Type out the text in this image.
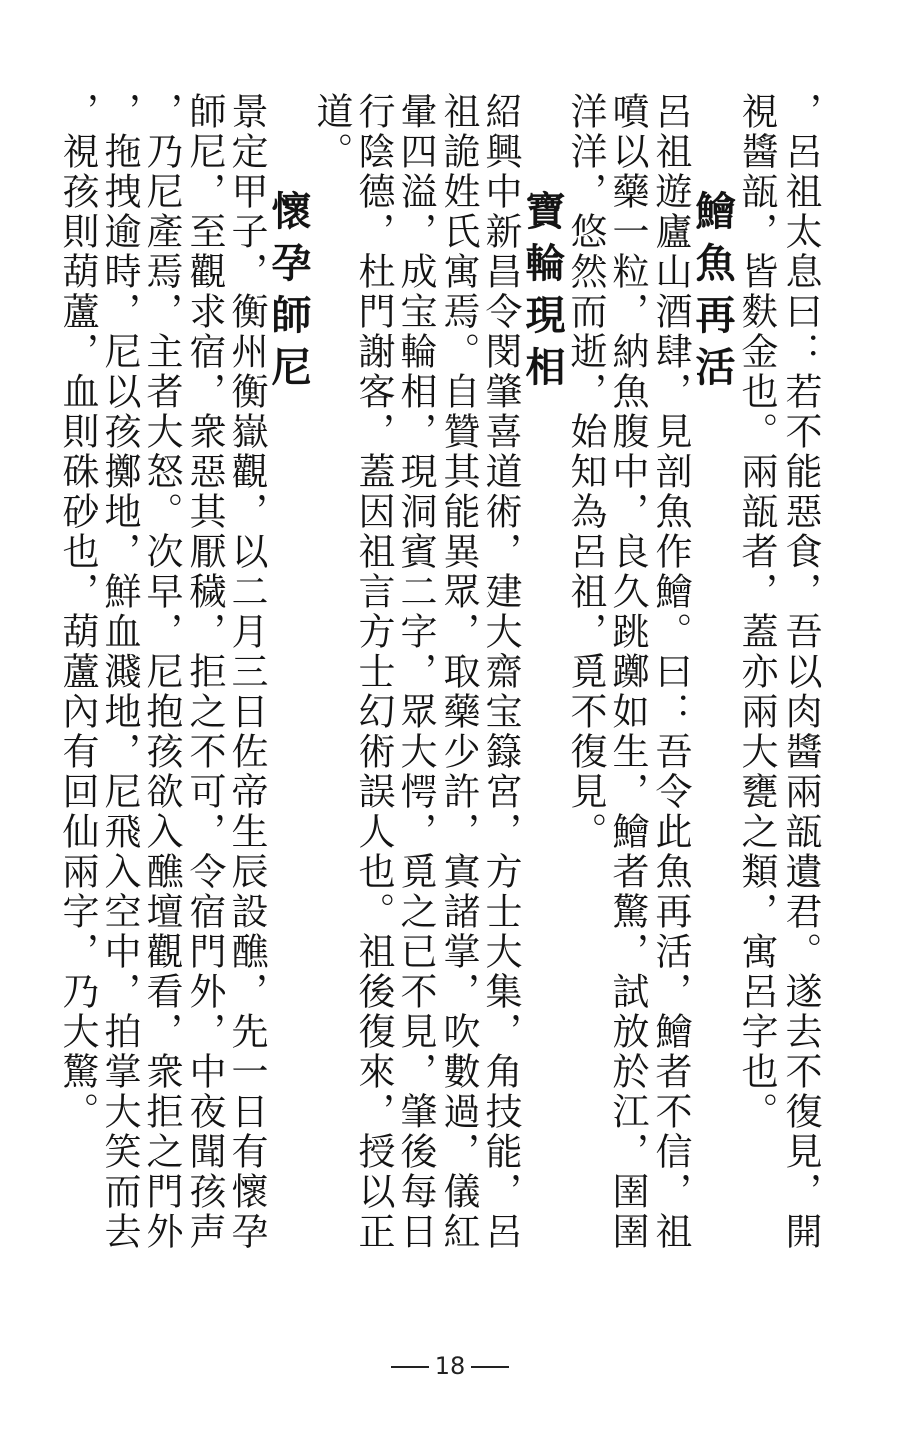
，呂祖太息曰：若不能惡食，吾以肉醬兩瓿遺君。遂去不復見，開
視醬瓿，皆麩金也。兩瓿者，蓋亦兩大甕之類，寓呂字也。
鱠魚再活
呂祖遊廬山酒肆，見剖魚作鱠。曰：吾令此魚再活，鱠者不信，祖
噴以藥一粒，納魚腹中，良久跳躑如生，鱠者驚，試放於江，圉圉
洋洋，悠然而逝，始知為呂祖，覓不復見。
寶輪現相
紹興中新昌令閔肇喜道術，建大齋宝籙宮，方士大集，角技能，呂
祖詭姓氏寓焉。自贊其能異眾，取藥少許，寘諸掌，吹數過，儀紅
暈四溢，成宝輪相，現洞賓二字，眾大愕，覓之已不見，肇後每日
行陰德，杜門謝客，蓋因祖言方士幻術誤人也。祖後復來，授以正
道。
懷孕師尼
景定甲子，衡州衡嶽觀，以二月三日佐帝生辰設醮，先一日有懷孕
師尼，至觀求宿，衆惡其厭穢，拒之不可，令宿門外，中夜聞孩声
，乃尼產焉，主者大怒。次早，尼抱孩欲入醮壇觀看，衆拒之門外
，拖拽逾時，尼以孩擲地，鮮血濺地，尼飛入空中，拍掌大笑而去
，視孩則葫蘆，血則硃砂也，葫蘆內有回仙兩字，乃大驚。
18
